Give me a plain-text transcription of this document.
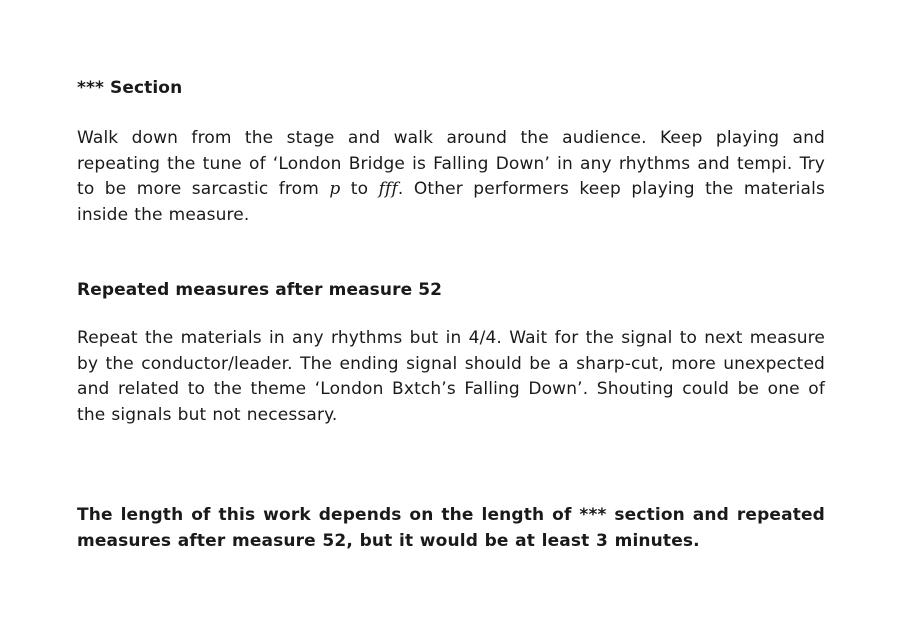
*** Section

Walk down from the stage and walk around the audience. Keep playing and repeating the tune of ‘London Bridge is Falling Down’ in any rhythms and tempi. Try to be more sarcastic from p to fff. Other performers keep playing the materials inside the measure.

Repeated measures after measure 52

Repeat the materials in any rhythms but in 4/4. Wait for the signal to next measure by the conductor/leader. The ending signal should be a sharp-cut, more unexpected and related to the theme ‘London Bxtch’s Falling Down’. Shouting could be one of the signals but not necessary.

The length of this work depends on the length of *** section and repeated measures after measure 52, but it would be at least 3 minutes.
